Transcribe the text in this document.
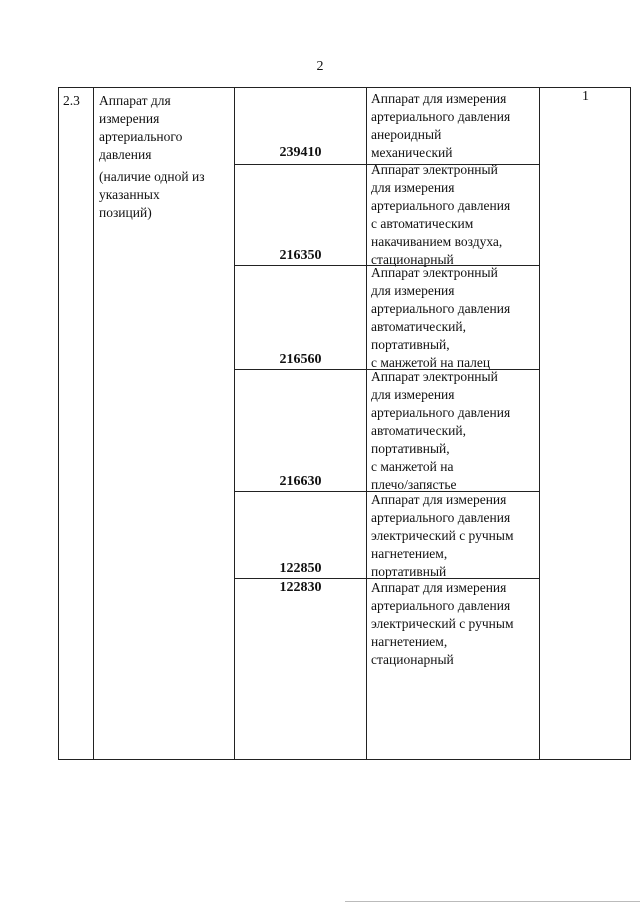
2
2.3 Аппарат для
измерения
артериального
давления
(наличие одной из
указанных
позиций)
1
239410
Аппарат для измерения
артериального давления
анероидный
механический
216350
Аппарат электронный
для измерения
артериального давления
с автоматическим
накачиванием воздуха,
стационарный
216560
Аппарат электронный
для измерения
артериального давления
автоматический,
портативный,
с манжетой на палец
216630
Аппарат электронный
для измерения
артериального давления
автоматический,
портативный,
с манжетой на
плечо/запястье
122850
Аппарат для измерения
артериального давления
электрический с ручным
нагнетением,
портативный
122830	Аппарат для измерения
артериального давления
электрический с ручным
нагнетением,
стационарный
